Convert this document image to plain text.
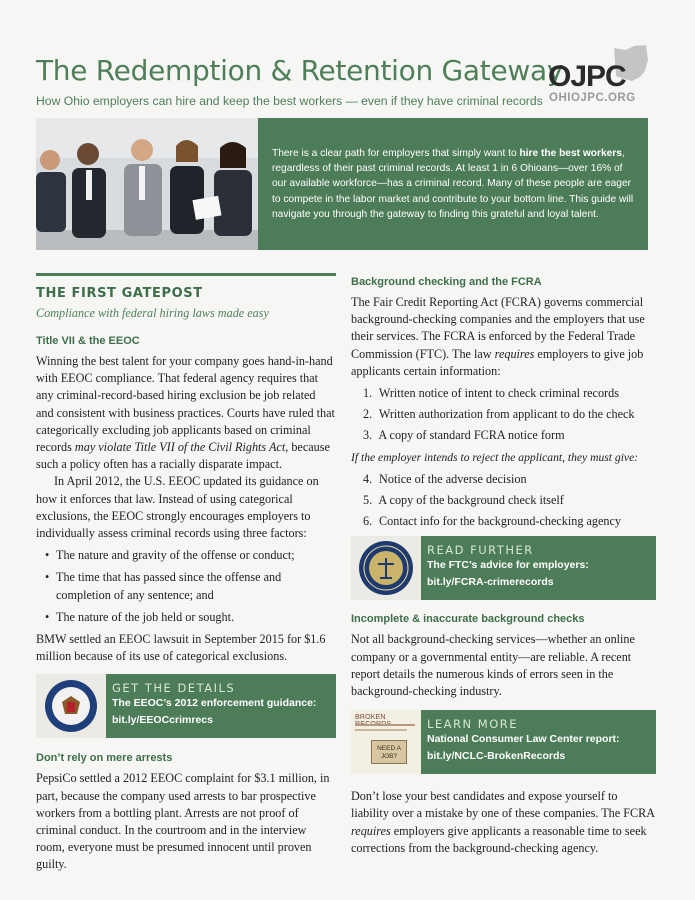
The Redemption & Retention Gateway
How Ohio employers can hire and keep the best workers — even if they have criminal records
OJPC
OHIOJPC.ORG
There is a clear path for employers that simply want to hire the best workers, regardless of their past criminal records. At least 1 in 6 Ohioans—over 16% of our available workforce—has a criminal record. Many of these people are eager to compete in the labor market and contribute to your bottom line. This guide will navigate you through the gateway to finding this grateful and loyal talent.
THE FIRST GATEPOST
Compliance with federal hiring laws made easy
Title VII & the EEOC
Winning the best talent for your company goes hand-in-hand with EEOC compliance. That federal agency requires that any criminal-record-based hiring exclusion be job related and consistent with business practices. Courts have ruled that categorically excluding job applicants based on criminal records may violate Title VII of the Civil Rights Act, because such a policy often has a racially disparate impact.
In April 2012, the U.S. EEOC updated its guidance on how it enforces that law. Instead of using categorical exclusions, the EEOC strongly encourages employers to individually assess criminal records using three factors:
• The nature and gravity of the offense or conduct;
• The time that has passed since the offense and completion of any sentence; and
• The nature of the job held or sought.
BMW settled an EEOC lawsuit in September 2015 for $1.6 million because of its use of categorical exclusions.
GET THE DETAILS
The EEOC’s 2012 enforcement guidance:
bit.ly/EEOCcrimrecs
Don’t rely on mere arrests
PepsiCo settled a 2012 EEOC complaint for $3.1 million, in part, because the company used arrests to bar prospective workers from a bottling plant. Arrests are not proof of criminal conduct. In the courtroom and in the interview room, everyone must be presumed innocent until proven guilty.
Background checking and the FCRA
The Fair Credit Reporting Act (FCRA) governs commercial background-checking companies and the employers that use their services. The FCRA is enforced by the Federal Trade Commission (FTC). The law requires employers to give job applicants certain information:
1. Written notice of intent to check criminal records
2. Written authorization from applicant to do the check
3. A copy of standard FCRA notice form
If the employer intends to reject the applicant, they must give:
4. Notice of the adverse decision
5. A copy of the background check itself
6. Contact info for the background-checking agency
READ FURTHER
The FTC’s advice for employers:
bit.ly/FCRA-crimerecords
Incomplete & inaccurate background checks
Not all background-checking services—whether an online company or a governmental entity—are reliable. A recent report details the numerous kinds of errors seen in the background-checking industry.
BROKEN
NEED A JOB?
LEARN MORE
National Consumer Law Center report:
bit.ly/NCLC-BrokenRecords
Don’t lose your best candidates and expose yourself to liability over a mistake by one of these companies. The FCRA requires employers give applicants a reasonable time to seek corrections from the background-checking agency.
